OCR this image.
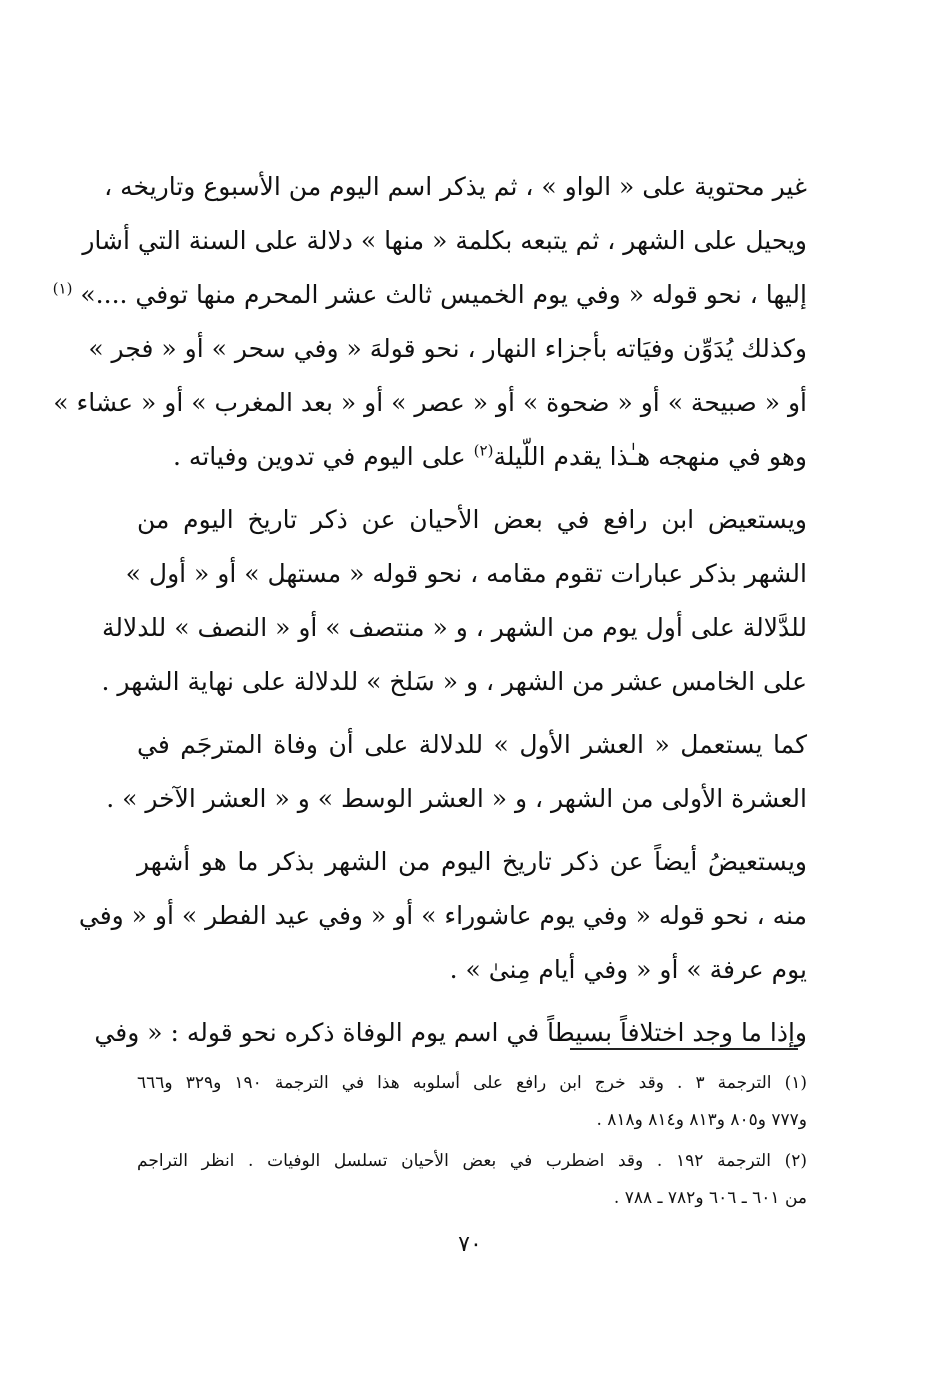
غير محتوية على « الواو » ، ثم يذكر اسم اليوم من الأسبوع وتاريخه ،
ويحيل على الشهر ، ثم يتبعه بكلمة « منها » دلالة على السنة التي أشار
إليها ، نحو قوله « وفي يوم الخميس ثالث عشر المحرم منها توفي ....» $^{(١)}$
وكذلك يُدَوِّن وفيَاته بأجزاء النهار ، نحو قولهَ « وفي سحر » أو « فجر »
أو « صبيحة » أو « ضحوة » أو « عصر » أو « بعد المغرب » أو « عشاء »
وهو في منهجه هـٰذا يقدم اللّيلة$^{(٢)}$ على اليوم في تدوين وفياته .
ويستعيض ابن رافع في بعض الأحيان عن ذكر تاريخ اليوم من
الشهر بذكر عبارات تقوم مقامه ، نحو قوله « مستهل » أو « أول »
للدَّلالة على أول يوم من الشهر ، و « منتصف » أو « النصف » للدلالة
على الخامس عشر من الشهر ، و « سَلخ » للدلالة على نهاية الشهر .
كما يستعمل « العشر الأول » للدلالة على أن وفاة المترجَم في
العشرة الأولى من الشهر ، و « العشر الوسط » و « العشر الآخر » .
ويستعيضُ أيضاً عن ذكر تاريخ اليوم من الشهر بذكر ما هو أشهر
منه ، نحو قوله « وفي يوم عاشوراء » أو « وفي عيد الفطر » أو « وفي
يوم عرفة » أو « وفي أيام مِنىٰ » .
وإذا ما وجد اختلافاً بسيطاً في اسم يوم الوفاة ذكره نحو قوله : « وفي
(١) الترجمة ٣ . وقد خرج ابن رافع على أسلوبه هذا في الترجمة ١٩٠ و٣٢٩ و٦٦٦
و٧٧٧ و٨٠٥ و٨١٣ و٨١٤ و٨١٨ .
(٢) الترجمة ١٩٢ . وقد اضطرب في بعض الأحيان تسلسل الوفيات . انظر التراجم
من ٦٠١ ـ ٦٠٦ و٧٨٢ ـ ٧٨٨ .
٧٠
